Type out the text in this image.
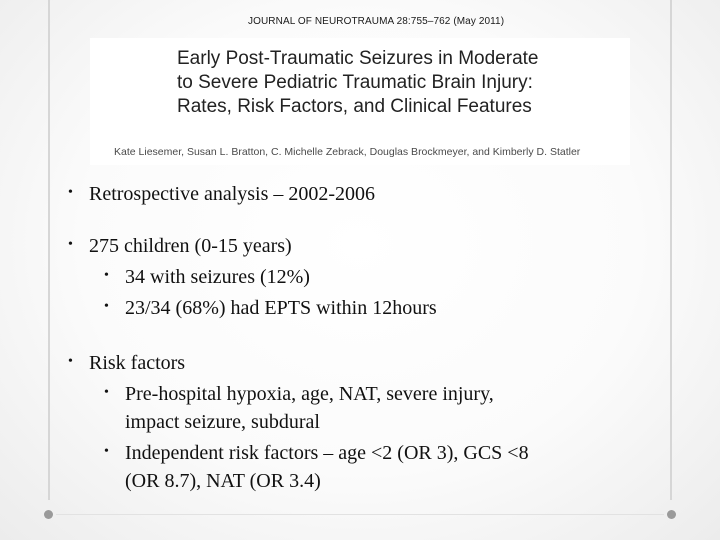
JOURNAL OF NEUROTRAUMA 28:755–762 (May 2011)
Early Post-Traumatic Seizures in Moderate
to Severe Pediatric Traumatic Brain Injury:
Rates, Risk Factors, and Clinical Features
Kate Liesemer, Susan L. Bratton, C. Michelle Zebrack, Douglas Brockmeyer, and Kimberly D. Statler
• Retrospective analysis – 2002-2006
• 275 children (0-15 years)
• 34 with seizures (12%)
• 23/34 (68%) had EPTS within 12hours
• Risk factors
• Pre-hospital hypoxia, age, NAT, severe injury,
impact seizure, subdural
• Independent risk factors – age <2 (OR 3), GCS <8
(OR 8.7), NAT (OR 3.4)
